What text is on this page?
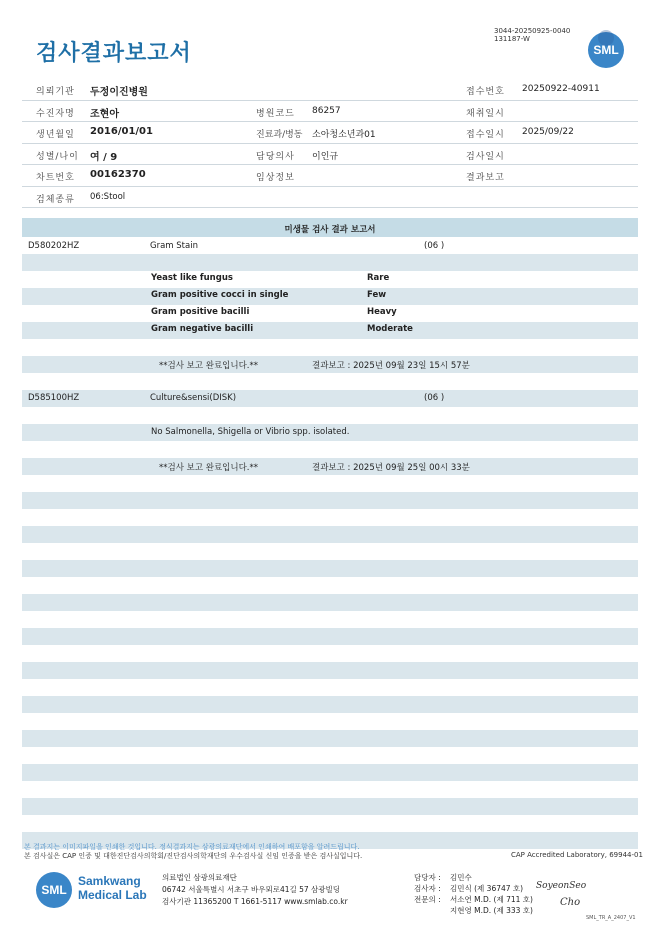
검사결과보고서
3044-20250925-0040
131187-W
SML
의뢰기관 두정이진병원	접수번호 20250922-40911
수진자명 조현아	병원코드 86257	채취일시
생년월일 2016/01/01	진료과/병동 소아청소년과01	접수일시 2025/09/22
성별/나이 여 / 9	담당의사 이인규	검사일시
차트번호 00162370	임상정보	결과보고
검체종류 06:Stool
미생물 검사 결과 보고서
D580202HZ	Gram Stain	(06 )
Yeast like fungus	Rare
Gram positive cocci in single	Few
Gram positive bacilli	Heavy
Gram negative bacilli	Moderate
**검사 보고 완료입니다.**	결과보고 : 2025년 09월 23일 15시 57분
D585100HZ	Culture&sensi(DISK)	(06 )
No Salmonella, Shigella or Vibrio spp. isolated.
**검사 보고 완료입니다.**	결과보고 : 2025년 09월 25일 00시 33분
본 결과지는 이미지파일을 인쇄한 것입니다. 정식결과지는 삼광의료재단에서 인쇄하여 배포함을 알려드립니다.
본 검사실은 CAP 인증 및 대한진단검사의학회/진단검사의학재단의 우수검사실 신임 인증을 받은 검사실입니다.	CAP Accredited Laboratory, 69944-01
SML
Samkwang
Medical Lab
의료법인 삼광의료재단
06742 서울특별시 서초구 바우뫼로41길 57 삼광빌딩
검사기관 11365200 T 1661-5117 www.smlab.co.kr
담당자 : 김민수
검사자 : 김민식 (제 36747 호)
전문의 : 서소연 M.D. (제 711 호)
지현영 M.D. (제 333 호)
SoyeonSeo
Cho
SML_TR_A_2407_V1
